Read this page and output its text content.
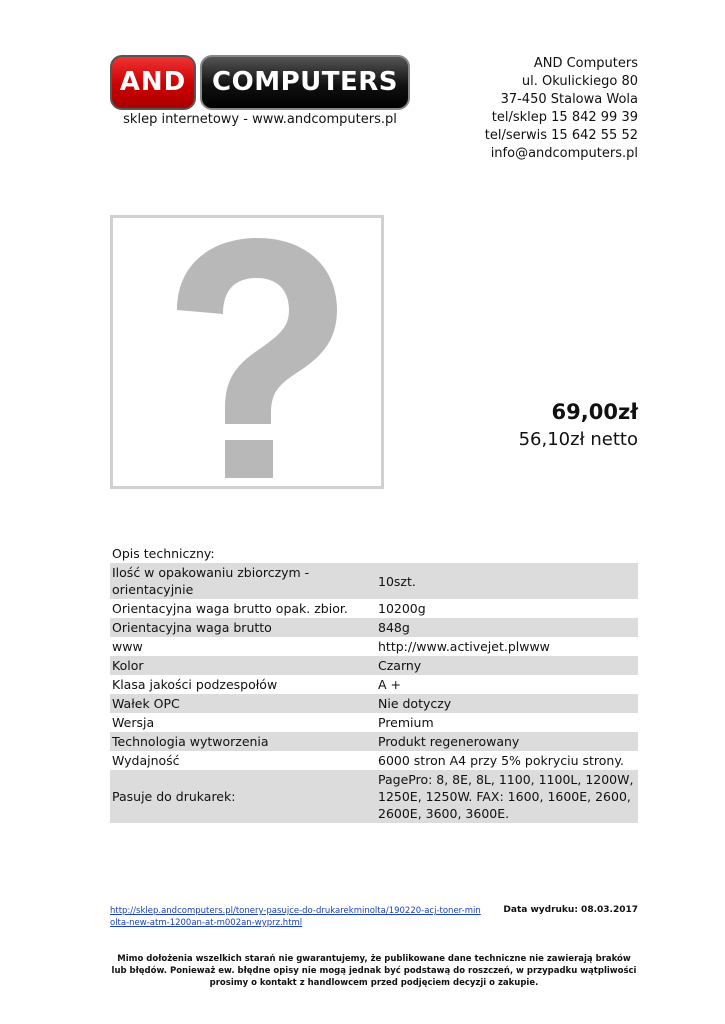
AND COMPUTERS
sklep internetowy - www.andcomputers.pl
AND Computers
ul. Okulickiego 80
37-450 Stalowa Wola
tel/sklep 15 842 99 39
tel/serwis 15 642 55 52
info@andcomputers.pl
69,00zł
56,10zł netto
Opis techniczny:	
Ilość w opakowaniu zbiorczym - orientacyjnie	10szt.
Orientacyjna waga brutto opak. zbior.	10200g
Orientacyjna waga brutto	848g
www	http://www.activejet.plwww
Kolor	Czarny
Klasa jakości podzespołów	A +
Wałek OPC	Nie dotyczy
Wersja	Premium
Technologia wytworzenia	Produkt regenerowany
Wydajność	6000 stron A4 przy 5% pokryciu strony.
Pasuje do drukarek:	PagePro: 8, 8E, 8L, 1100, 1100L, 1200W, 1250E, 1250W. FAX: 1600, 1600E, 2600, 2600E, 3600, 3600E.
http://sklep.andcomputers.pl/tonery-pasujce-do-drukarekminolta/190220-acj-toner-minolta-new-atm-1200an-at-m002an-wyprz.html
Data wydruku: 08.03.2017
Mimo dołożenia wszelkich starań nie gwarantujemy, że publikowane dane techniczne nie zawierają braków lub błędów. Ponieważ ew. błędne opisy nie mogą jednak być podstawą do roszczeń, w przypadku wątpliwości prosimy o kontakt z handlowcem przed podjęciem decyzji o zakupie.
